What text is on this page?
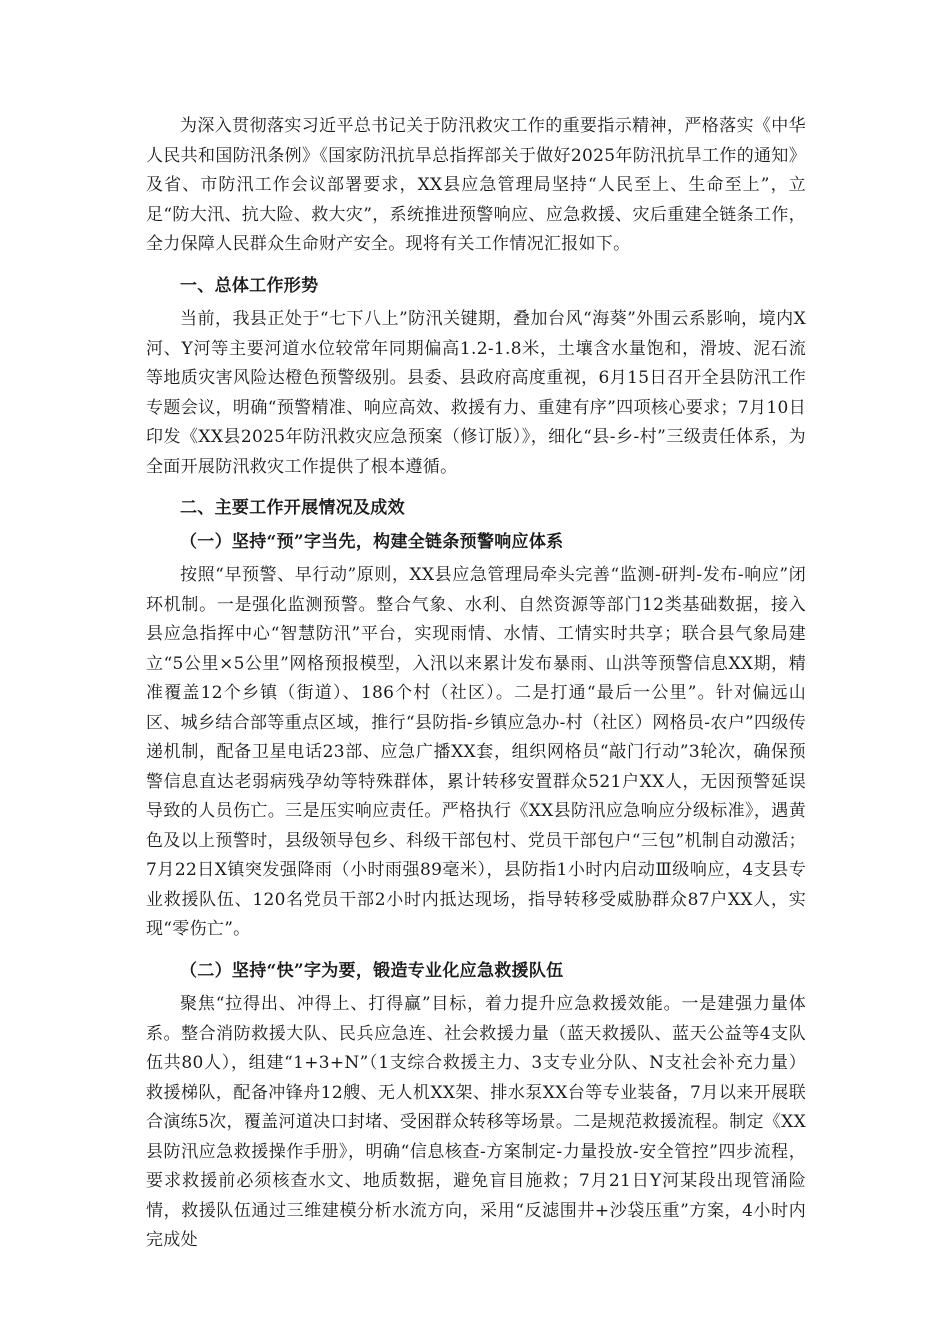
为深入贯彻落实习近平总书记关于防汛救灾工作的重要指示精神，严格落实《中华人民共和国防汛条例》《国家防汛抗旱总指挥部关于做好2025年防汛抗旱工作的通知》及省、市防汛工作会议部署要求，XX县应急管理局坚持“人民至上、生命至上”，立足“防大汛、抗大险、救大灾”，系统推进预警响应、应急救援、灾后重建全链条工作，全力保障人民群众生命财产安全。现将有关工作情况汇报如下。

一、总体工作形势

当前，我县正处于“七下八上”防汛关键期，叠加台风“海葵”外围云系影响，境内X河、Y河等主要河道水位较常年同期偏高1.2-1.8米，土壤含水量饱和，滑坡、泥石流等地质灾害风险达橙色预警级别。县委、县政府高度重视，6月15日召开全县防汛工作专题会议，明确“预警精准、响应高效、救援有力、重建有序”四项核心要求；7月10日印发《XX县2025年防汛救灾应急预案（修订版）》，细化“县-乡-村”三级责任体系，为全面开展防汛救灾工作提供了根本遵循。

二、主要工作开展情况及成效

（一）坚持“预”字当先，构建全链条预警响应体系

按照“早预警、早行动”原则，XX县应急管理局牵头完善“监测-研判-发布-响应”闭环机制。一是强化监测预警。整合气象、水利、自然资源等部门12类基础数据，接入县应急指挥中心“智慧防汛”平台，实现雨情、水情、工情实时共享；联合县气象局建立“5公里×5公里”网格预报模型，入汛以来累计发布暴雨、山洪等预警信息XX期，精准覆盖12个乡镇（街道）、186个村（社区）。二是打通“最后一公里”。针对偏远山区、城乡结合部等重点区域，推行“县防指-乡镇应急办-村（社区）网格员-农户”四级传递机制，配备卫星电话23部、应急广播XX套，组织网格员“敲门行动”3轮次，确保预警信息直达老弱病残孕幼等特殊群体，累计转移安置群众521户XX人，无因预警延误导致的人员伤亡。三是压实响应责任。严格执行《XX县防汛应急响应分级标准》，遇黄色及以上预警时，县级领导包乡、科级干部包村、党员干部包户“三包”机制自动激活；7月22日X镇突发强降雨（小时雨强89毫米），县防指1小时内启动Ⅲ级响应，4支县专业救援队伍、120名党员干部2小时内抵达现场，指导转移受威胁群众87户XX人，实现“零伤亡”。

（二）坚持“快”字为要，锻造专业化应急救援队伍

聚焦“拉得出、冲得上、打得赢”目标，着力提升应急救援效能。一是建强力量体系。整合消防救援大队、民兵应急连、社会救援力量（蓝天救援队、蓝天公益等4支队伍共80人），组建“1+3+N”（1支综合救援主力、3支专业分队、N支社会补充力量）救援梯队，配备冲锋舟12艘、无人机XX架、排水泵XX台等专业装备，7月以来开展联合演练5次，覆盖河道决口封堵、受困群众转移等场景。二是规范救援流程。制定《XX县防汛应急救援操作手册》，明确“信息核查-方案制定-力量投放-安全管控”四步流程，要求救援前必须核查水文、地质数据，避免盲目施救；7月21日Y河某段出现管涌险情，救援队伍通过三维建模分析水流方向，采用“反滤围井+沙袋压重”方案，4小时内完成处
